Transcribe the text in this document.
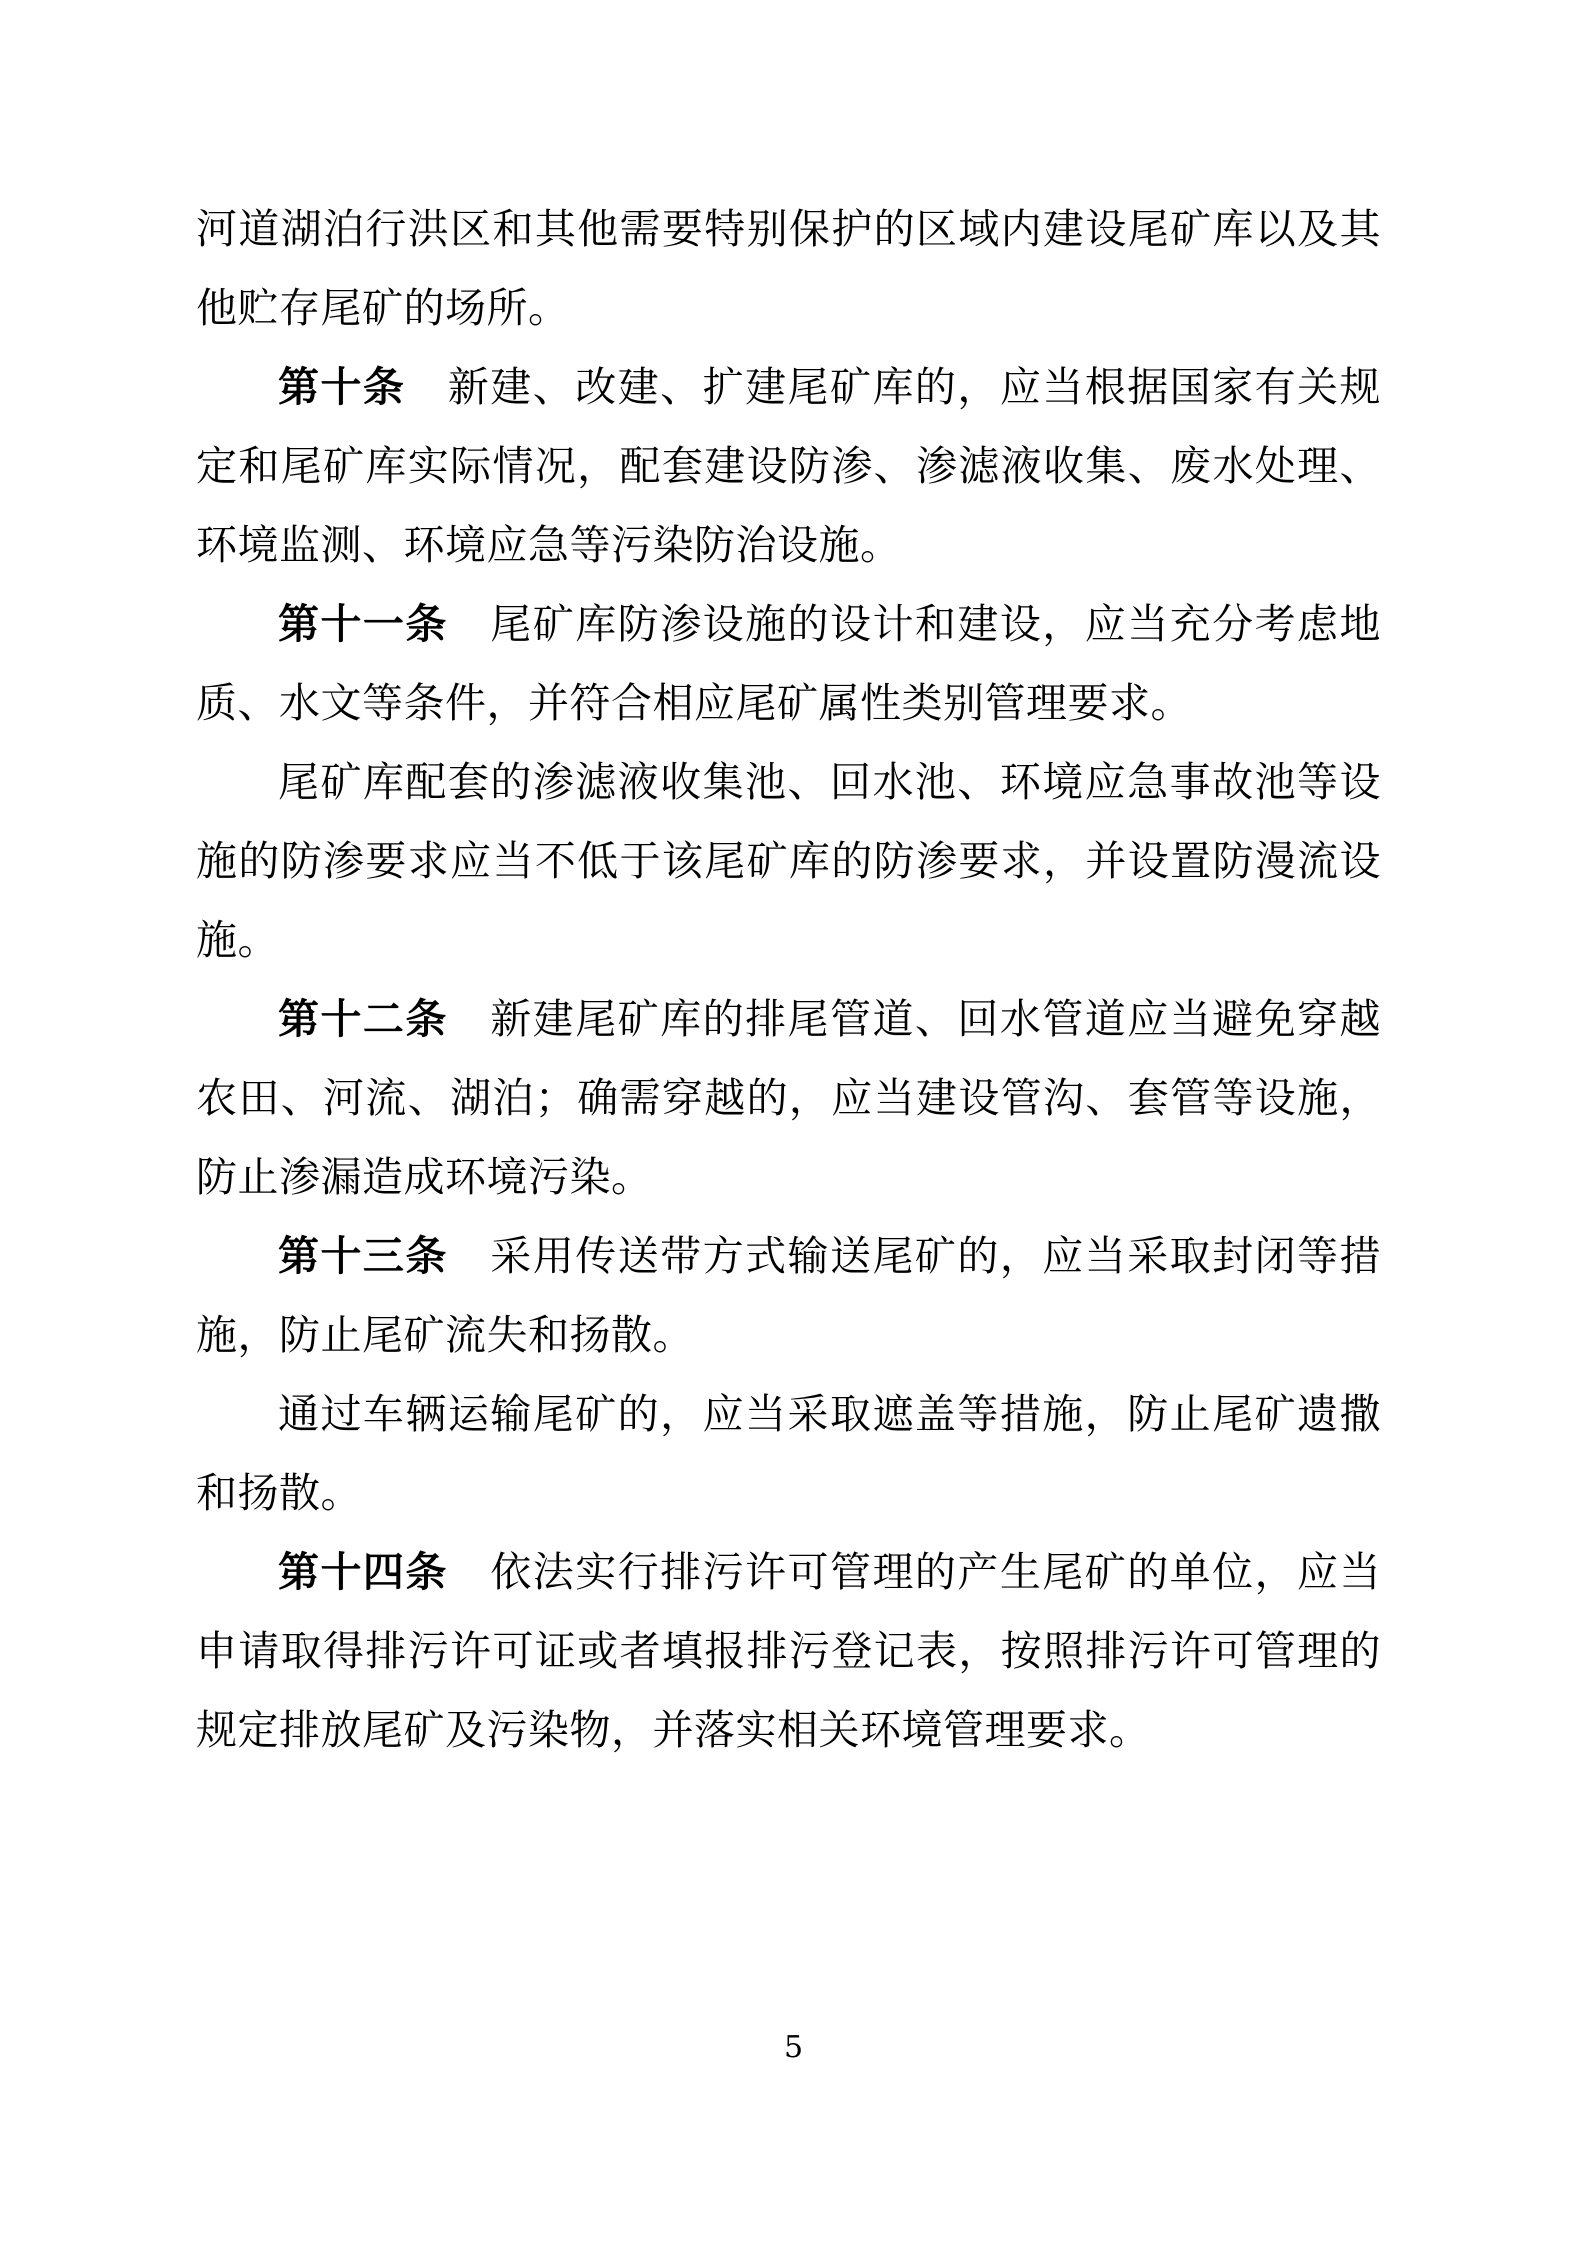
河道湖泊行洪区和其他需要特别保护的区域内建设尾矿库以及其他贮存尾矿的场所。

第十条　新建、改建、扩建尾矿库的，应当根据国家有关规定和尾矿库实际情况，配套建设防渗、渗滤液收集、废水处理、环境监测、环境应急等污染防治设施。

第十一条　尾矿库防渗设施的设计和建设，应当充分考虑地质、水文等条件，并符合相应尾矿属性类别管理要求。

尾矿库配套的渗滤液收集池、回水池、环境应急事故池等设施的防渗要求应当不低于该尾矿库的防渗要求，并设置防漫流设施。

第十二条　新建尾矿库的排尾管道、回水管道应当避免穿越农田、河流、湖泊；确需穿越的，应当建设管沟、套管等设施，防止渗漏造成环境污染。

第十三条　采用传送带方式输送尾矿的，应当采取封闭等措施，防止尾矿流失和扬散。

通过车辆运输尾矿的，应当采取遮盖等措施，防止尾矿遗撒和扬散。

第十四条　依法实行排污许可管理的产生尾矿的单位，应当申请取得排污许可证或者填报排污登记表，按照排污许可管理的规定排放尾矿及污染物，并落实相关环境管理要求。

5
